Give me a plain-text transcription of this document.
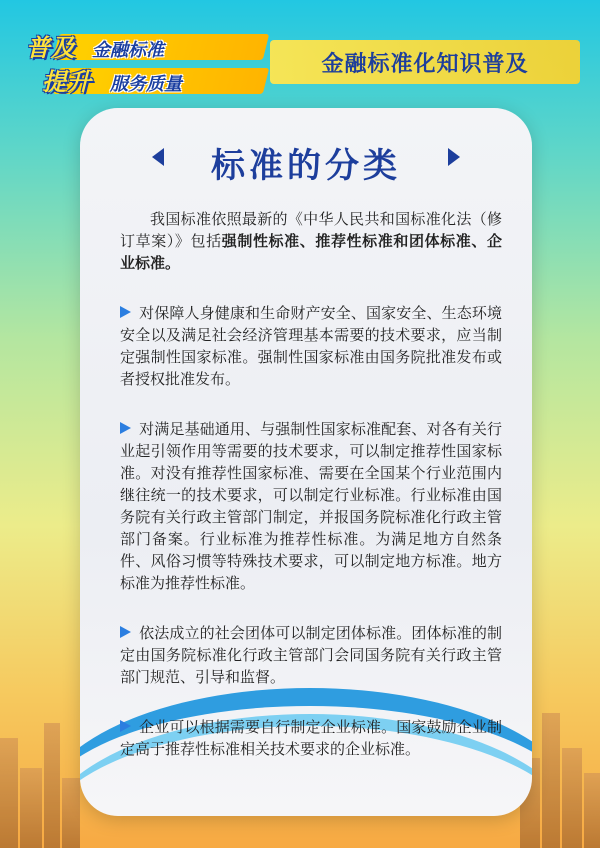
普及 金融标准
提升 服务质量
金融标准化知识普及
标准的分类

我国标准依照最新的《中华人民共和国标准化法（修订草案）》包括强制性标准、推荐性标准和团体标准、企业标准。

对保障人身健康和生命财产安全、国家安全、生态环境安全以及满足社会经济管理基本需要的技术要求，应当制定强制性国家标准。强制性国家标准由国务院批准发布或者授权批准发布。

对满足基础通用、与强制性国家标准配套、对各有关行业起引领作用等需要的技术要求，可以制定推荐性国家标准。对没有推荐性国家标准、需要在全国某个行业范围内继往统一的技术要求，可以制定行业标准。行业标准由国务院有关行政主管部门制定，并报国务院标准化行政主管部门备案。行业标准为推荐性标准。为满足地方自然条件、风俗习惯等特殊技术要求，可以制定地方标准。地方标准为推荐性标准。

依法成立的社会团体可以制定团体标准。团体标准的制定由国务院标准化行政主管部门会同国务院有关行政主管部门规范、引导和监督。

企业可以根据需要自行制定企业标准。国家鼓励企业制定高于推荐性标准相关技术要求的企业标准。
